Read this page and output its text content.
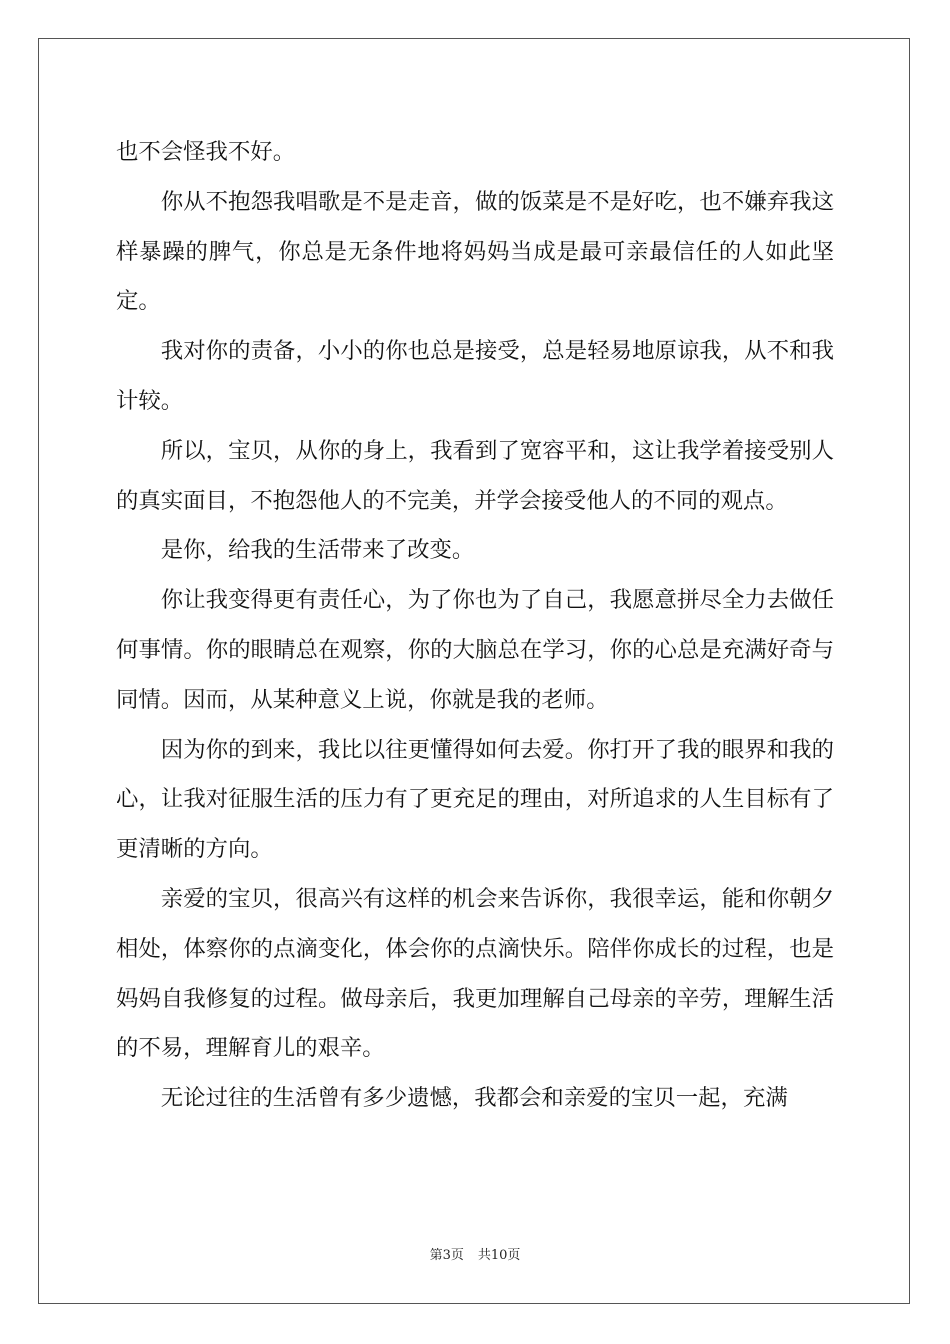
也不会怪我不好。

你从不抱怨我唱歌是不是走音，做的饭菜是不是好吃，也不嫌弃我这样暴躁的脾气，你总是无条件地将妈妈当成是最可亲最信任的人如此坚定。

我对你的责备，小小的你也总是接受，总是轻易地原谅我，从不和我计较。

所以，宝贝，从你的身上，我看到了宽容平和，这让我学着接受别人的真实面目，不抱怨他人的不完美，并学会接受他人的不同的观点。

是你，给我的生活带来了改变。

你让我变得更有责任心，为了你也为了自己，我愿意拼尽全力去做任何事情。你的眼睛总在观察，你的大脑总在学习，你的心总是充满好奇与同情。因而，从某种意义上说，你就是我的老师。

因为你的到来，我比以往更懂得如何去爱。你打开了我的眼界和我的心，让我对征服生活的压力有了更充足的理由，对所追求的人生目标有了更清晰的方向。

亲爱的宝贝，很高兴有这样的机会来告诉你，我很幸运，能和你朝夕相处，体察你的点滴变化，体会你的点滴快乐。陪伴你成长的过程，也是妈妈自我修复的过程。做母亲后，我更加理解自己母亲的辛劳，理解生活的不易，理解育儿的艰辛。

无论过往的生活曾有多少遗憾，我都会和亲爱的宝贝一起，充满

第3页 共10页
